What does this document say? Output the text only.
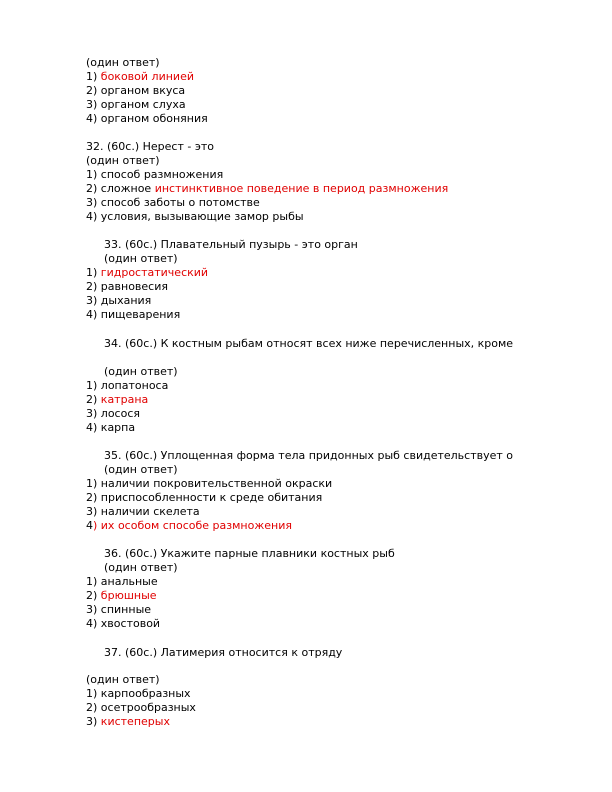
(один ответ)
1) боковой линией
2) органом вкуса
3) органом слуха
4) органом обоняния
32. (60с.) Нерест - это
(один ответ)
1) способ размножения
2) сложное инстинктивное поведение в период размножения
3) способ заботы о потомстве
4) условия, вызывающие замор рыбы
33. (60с.) Плавательный пузырь - это орган
(один ответ)
1) гидростатический
2) равновесия
3) дыхания
4) пищеварения
34. (60с.) К костным рыбам относят всех ниже перечисленных, кроме
(один ответ)
1) лопатоноса
2) катрана
3) лосося
4) карпа
35. (60с.) Уплощенная форма тела придонных рыб свидетельствует о
(один ответ)
1) наличии покровительственной окраски
2) приспособленности к среде обитания
3) наличии скелета
4) их особом способе размножения
36. (60с.) Укажите парные плавники костных рыб
(один ответ)
1) анальные
2) брюшные
3) спинные
4) хвостовой
37. (60с.) Латимерия относится к отряду
(один ответ)
1) карпообразных
2) осетрообразных
3) кистеперых
